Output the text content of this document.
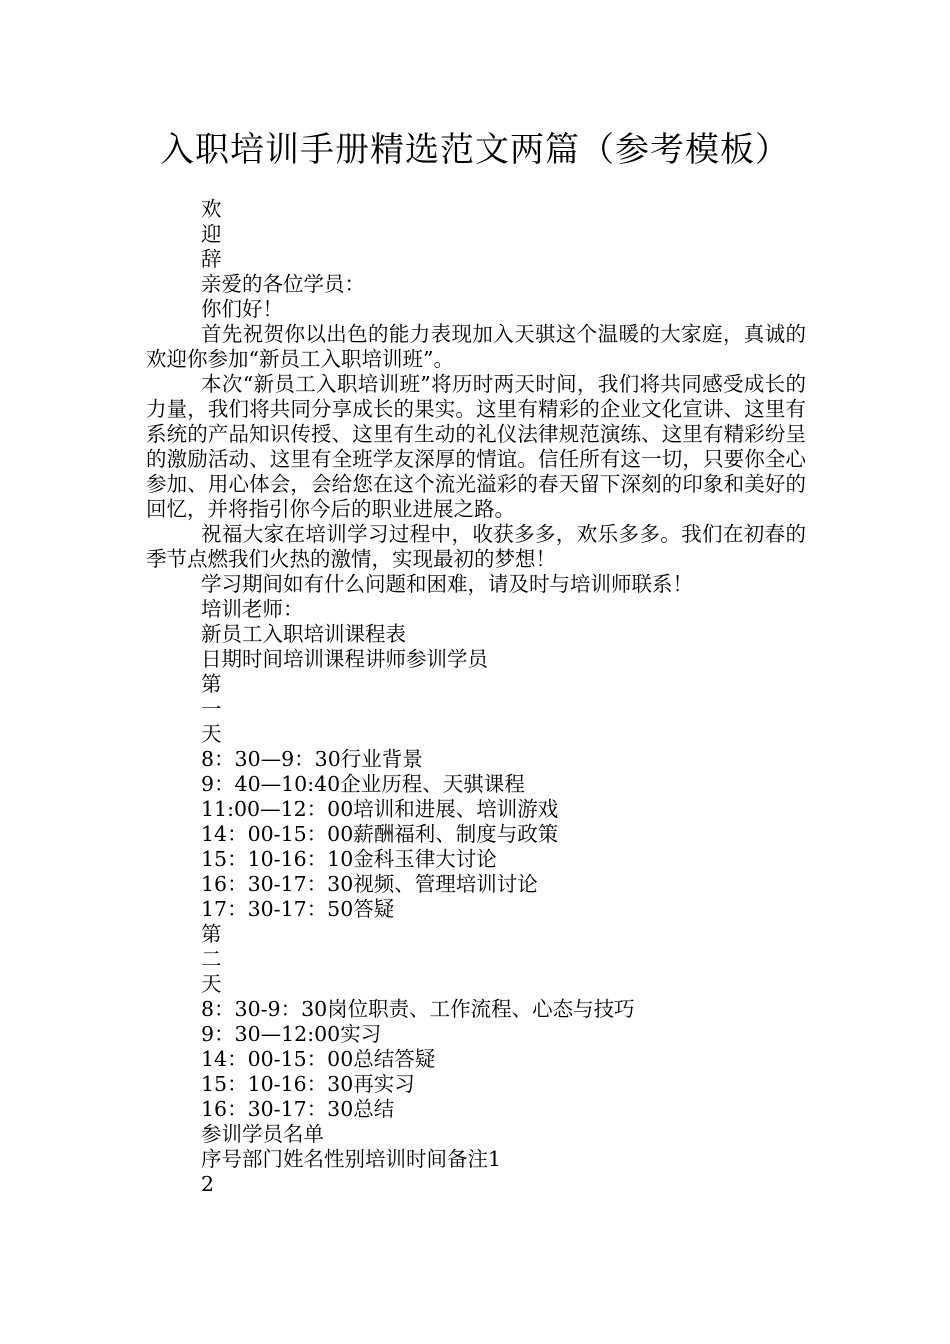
入职培训手册精选范文两篇（参考模板）
欢
迎
辞
亲爱的各位学员：
你们好！
首先祝贺你以出色的能力表现加入天骐这个温暖的大家庭，真诚的欢迎你参加“新员工入职培训班”。
本次“新员工入职培训班”将历时两天时间，我们将共同感受成长的力量，我们将共同分享成长的果实。这里有精彩的企业文化宣讲、这里有系统的产品知识传授、这里有生动的礼仪法律规范演练、这里有精彩纷呈的激励活动、这里有全班学友深厚的情谊。信任所有这一切，只要你全心参加、用心体会，会给您在这个流光溢彩的春天留下深刻的印象和美好的回忆，并将指引你今后的职业进展之路。
祝福大家在培训学习过程中，收获多多，欢乐多多。我们在初春的季节点燃我们火热的激情，实现最初的梦想！
学习期间如有什么问题和困难，请及时与培训师联系！
培训老师：
新员工入职培训课程表
日期时间培训课程讲师参训学员
第
一
天
8：30—9：30行业背景
9：40—10:40企业历程、天骐课程
11:00—12：00培训和进展、培训游戏
14：00-15：00薪酬福利、制度与政策
15：10-16：10金科玉律大讨论
16：30-17：30视频、管理培训讨论
17：30-17：50答疑
第
二
天
8：30-9：30岗位职责、工作流程、心态与技巧
9：30—12:00实习
14：00-15：00总结答疑
15：10-16：30再实习
16：30-17：30总结
参训学员名单
序号部门姓名性别培训时间备注1
2
